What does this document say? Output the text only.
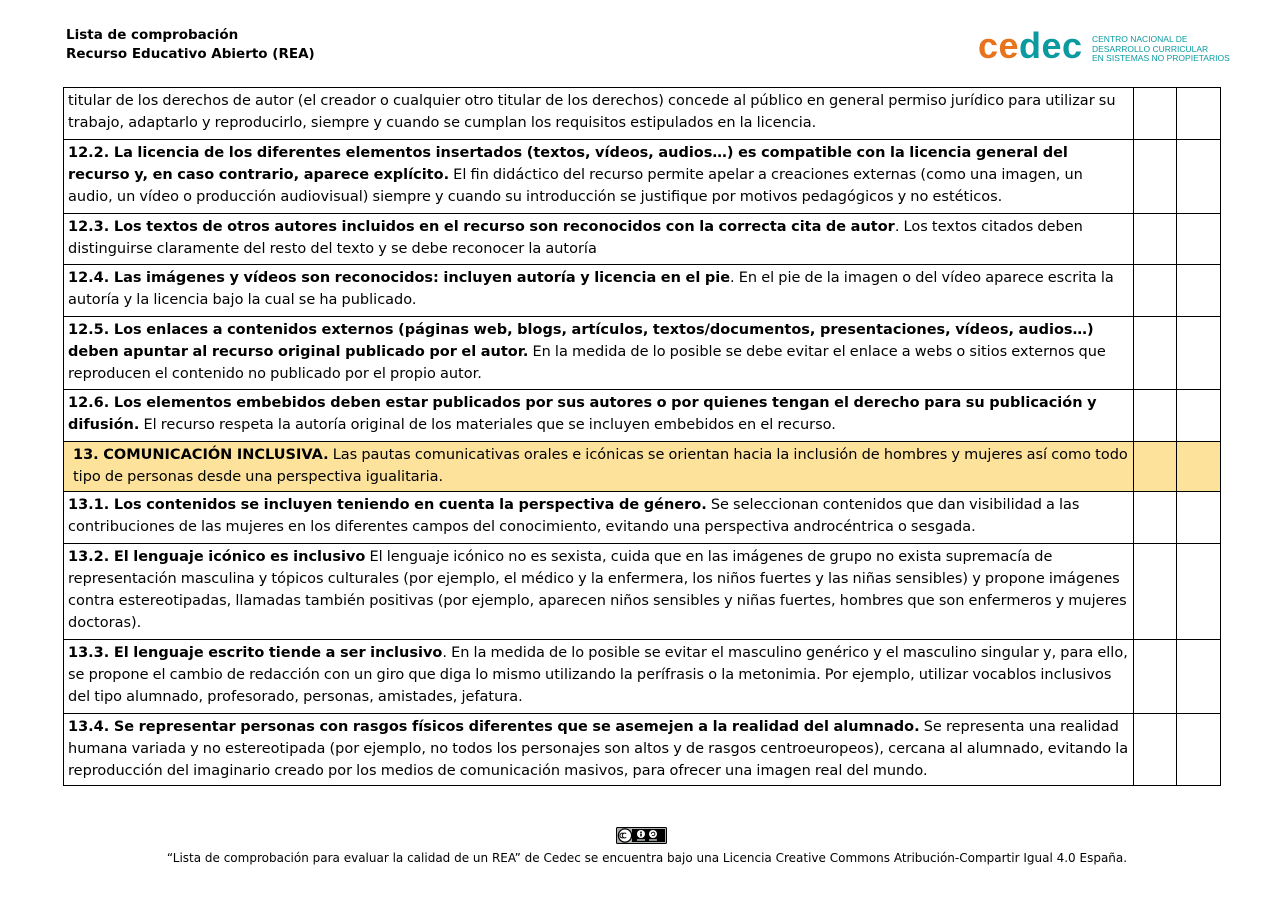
Lista de comprobación
Recurso Educativo Abierto (REA)	cedec CENTRO NACIONAL DE
DESARROLLO CURRICULAR
EN SISTEMAS NO PROPIETARIOS
titular de los derechos de autor (el creador o cualquier otro titular de los derechos) concede al público en general permiso jurídico para utilizar su trabajo, adaptarlo y reproducirlo, siempre y cuando se cumplan los requisitos estipulados en la licencia.		
12.2. La licencia de los diferentes elementos insertados (textos, vídeos, audios…) es compatible con la licencia general del recurso y, en caso contrario, aparece explícito. El fin didáctico del recurso permite apelar a creaciones externas (como una imagen, un audio, un vídeo o producción audiovisual) siempre y cuando su introducción se justifique por motivos pedagógicos y no estéticos.		
12.3. Los textos de otros autores incluidos en el recurso son reconocidos con la correcta cita de autor. Los textos citados deben distinguirse claramente del resto del texto y se debe reconocer la autoría		
12.4. Las imágenes y vídeos son reconocidos: incluyen autoría y licencia en el pie. En el pie de la imagen o del vídeo aparece escrita la autoría y la licencia bajo la cual se ha publicado.		
12.5. Los enlaces a contenidos externos (páginas web, blogs, artículos, textos/documentos, presentaciones, vídeos, audios…) deben apuntar al recurso original publicado por el autor. En la medida de lo posible se debe evitar el enlace a webs o sitios externos que reproducen el contenido no publicado por el propio autor.		
12.6. Los elementos embebidos deben estar publicados por sus autores o por quienes tengan el derecho para su publicación y difusión. El recurso respeta la autoría original de los materiales que se incluyen embebidos en el recurso.		
13. COMUNICACIÓN INCLUSIVA. Las pautas comunicativas orales e icónicas se orientan hacia la inclusión de hombres y mujeres así como todo tipo de personas desde una perspectiva igualitaria.		
13.1. Los contenidos se incluyen teniendo en cuenta la perspectiva de género. Se seleccionan contenidos que dan visibilidad a las contribuciones de las mujeres en los diferentes campos del conocimiento, evitando una perspectiva androcéntrica o sesgada.		
13.2. El lenguaje icónico es inclusivo El lenguaje icónico no es sexista, cuida que en las imágenes de grupo no exista supremacía de representación masculina y tópicos culturales (por ejemplo, el médico y la enfermera, los niños fuertes y las niñas sensibles) y propone imágenes contra estereotipadas, llamadas también positivas (por ejemplo, aparecen niños sensibles y niñas fuertes, hombres que son enfermeros y mujeres doctoras).		
13.3. El lenguaje escrito tiende a ser inclusivo. En la medida de lo posible se evitar el masculino genérico y el masculino singular y, para ello, se propone el cambio de redacción con un giro que diga lo mismo utilizando la perífrasis o la metonimia. Por ejemplo, utilizar vocablos inclusivos del tipo alumnado, profesorado, personas, amistades, jefatura.		
13.4. Se representar personas con rasgos físicos diferentes que se asemejen a la realidad del alumnado. Se representa una realidad humana variada y no estereotipada (por ejemplo, no todos los personajes son altos y de rasgos centroeuropeos), cercana al alumnado, evitando la reproducción del imaginario creado por los medios de comunicación masivos, para ofrecer una imagen real del mundo.		
“Lista de comprobación para evaluar la calidad de un REA” de Cedec se encuentra bajo una Licencia Creative Commons Atribución-Compartir Igual 4.0 España.
